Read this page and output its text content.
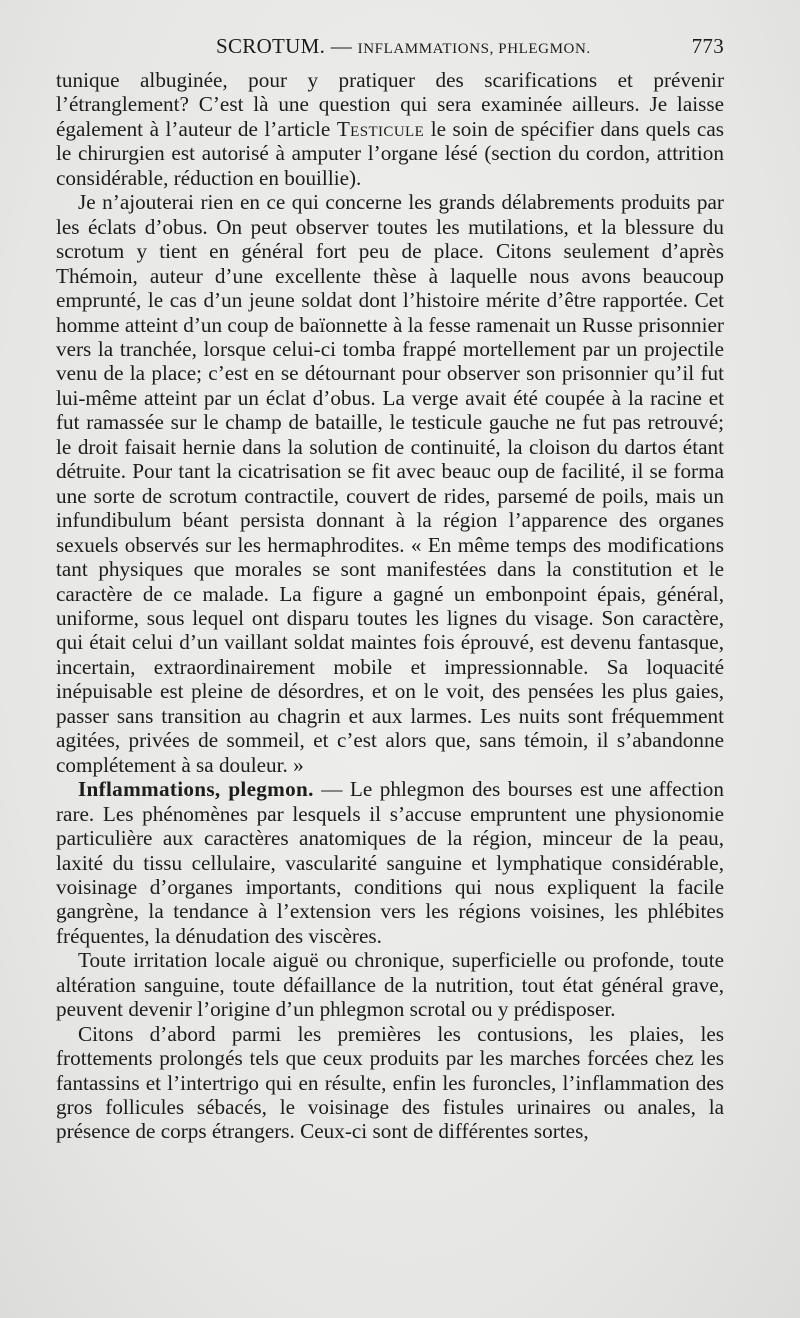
SCROTUM. — INFLAMMATIONS, PHLEGMON.	773

tunique albuginée, pour y pratiquer des scarifications et prévenir l’étranglement? C’est là une question qui sera examinée ailleurs. Je laisse également à l’auteur de l’article Testicule le soin de spécifier dans quels cas le chirurgien est autorisé à amputer l’organe lésé (section du cordon, attrition considérable, réduction en bouillie).

Je n’ajouterai rien en ce qui concerne les grands délabrements produits par les éclats d’obus. On peut observer toutes les mutilations, et la blessure du scrotum y tient en général fort peu de place. Citons seulement d’après Thémoin, auteur d’une excellente thèse à laquelle nous avons beaucoup emprunté, le cas d’un jeune soldat dont l’histoire mérite d’être rapportée. Cet homme atteint d’un coup de baïonnette à la fesse ramenait un Russe prisonnier vers la tranchée, lorsque celui-ci tomba frappé mortellement par un projectile venu de la place; c’est en se détournant pour observer son prisonnier qu’il fut lui-même atteint par un éclat d’obus. La verge avait été coupée à la racine et fut ramassée sur le champ de bataille, le testicule gauche ne fut pas retrouvé; le droit faisait hernie dans la solution de continuité, la cloison du dartos étant détruite. Pour tant la cicatrisation se fit avec beauc oup de facilité, il se forma une sorte de scrotum contractile, couvert de rides, parsemé de poils, mais un infundibulum béant persista donnant à la région l’apparence des organes sexuels observés sur les hermaphrodites. « En même temps des modifications tant physiques que morales se sont manifestées dans la constitution et le caractère de ce malade. La figure a gagné un embonpoint épais, général, uniforme, sous lequel ont disparu toutes les lignes du visage. Son caractère, qui était celui d’un vaillant soldat maintes fois éprouvé, est devenu fantasque, incertain, extraordinairement mobile et impressionnable. Sa loquacité inépuisable est pleine de désordres, et on le voit, des pensées les plus gaies, passer sans transition au chagrin et aux larmes. Les nuits sont fréquemment agitées, privées de sommeil, et c’est alors que, sans témoin, il s’abandonne complétement à sa douleur. »

Inflammations, plegmon. — Le phlegmon des bourses est une affection rare. Les phénomènes par lesquels il s’accuse empruntent une physionomie particulière aux caractères anatomiques de la région, minceur de la peau, laxité du tissu cellulaire, vascularité sanguine et lymphatique considérable, voisinage d’organes importants, conditions qui nous expliquent la facile gangrène, la tendance à l’extension vers les régions voisines, les phlébites fréquentes, la dénudation des viscères.

Toute irritation locale aiguë ou chronique, superficielle ou profonde, toute altération sanguine, toute défaillance de la nutrition, tout état général grave, peuvent devenir l’origine d’un phlegmon scrotal ou y prédisposer.

Citons d’abord parmi les premières les contusions, les plaies, les frottements prolongés tels que ceux produits par les marches forcées chez les fantassins et l’intertrigo qui en résulte, enfin les furoncles, l’inflammation des gros follicules sébacés, le voisinage des fistules urinaires ou anales, la présence de corps étrangers. Ceux-ci sont de différentes sortes,
